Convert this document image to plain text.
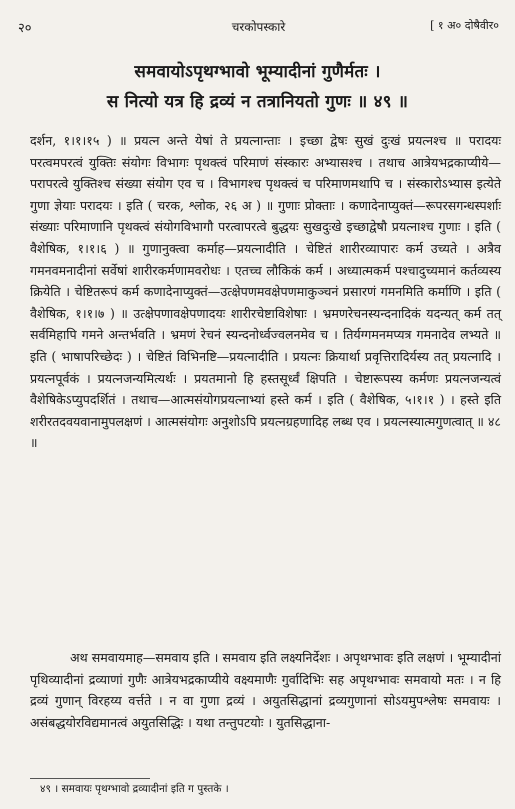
२०	चरकोपस्कारे	[ १ अ० दोषैवीर०
समवायोऽपृथग्भावो भूम्यादीनां गुणैर्मतः ।
स नित्यो यत्र हि द्रव्यं न तत्रानियतो गुणः ॥ ४९ ॥

दर्शन, १।१।१५ ) ॥ प्रयत्न अन्ते येषां ते प्रयत्नान्ताः । इच्छा द्वेषः सुखं दुःखं प्रयत्नश्च ॥ परादयः परत्वमपरत्वं युक्तिः संयोगः विभागः पृथक्त्वं परिमाणं संस्कारः अभ्यासश्च । तथाच आत्रेयभद्रकाप्यीये—परापरत्वे युक्तिश्च संख्या संयोग एव च । विभागश्च पृथक्त्वं च परिमाणमथापि च । संस्कारोऽभ्यास इत्येते गुणा ज्ञेयाः परादयः । इति ( चरक, श्लोक, २६ अ ) ॥ गुणाः प्रोक्ताः । कणादेनाप्युक्तं—रूपरसगन्धस्पर्शाः संख्याः परिमाणानि पृथक्त्वं संयोगविभागौ परत्वापरत्वे बुद्धयः सुखदुःखे इच्छाद्वेषौ प्रयत्नाश्च गुणाः । इति ( वैशेषिक, १।१।६ ) ॥ गुणानुक्त्वा कर्माह—प्रयत्नादीति । चेष्टितं शारीरव्यापारः कर्म उच्यते । अत्रैव गमनवमनादीनां सर्वेषां शारीरकर्मणामवरोधः । एतच्च लौकिकं कर्म । अध्यात्मकर्म पश्चादुच्यमानं कर्तव्यस्य क्रियेति । चेष्टितरूपं कर्म कणादेनाप्युक्तं—उत्क्षेपणमवक्षेपणमाकुञ्चनं प्रसारणं गमनमिति कर्माणि । इति ( वैशेषिक, १।१।७ ) ॥ उत्क्षेपणावक्षेपणादयः शारीरचेष्टाविशेषाः । भ्रमणरेचनस्यन्दनादिकं यदन्यत् कर्म तत् सर्वमिहापि गमने अन्तर्भवति । भ्रमणं रेचनं स्यन्दनोर्ध्वज्वलनमेव च । तिर्यग्गमनमप्यत्र गमनादेव लभ्यते ॥ इति ( भाषापरिच्छेदः ) । चेष्टितं विभिनष्टि—प्रयत्नादीति । प्रयत्नः क्रियार्था प्रवृत्तिरादिर्यस्य तत् प्रयत्नादि । प्रयत्नपूर्वकं । प्रयत्नजन्यमित्यर्थः । प्रयतमानो हि हस्तसूर्ध्वं क्षिपति । चेष्टारूपस्य कर्मणः प्रयत्नजन्यत्वं वैशेषिकेऽप्युपदर्शितं । तथाच—आत्मसंयोगप्रयत्नाभ्यां हस्ते कर्म । इति ( वैशेषिक, ५।१।१ ) । हस्ते इति शरीरतदवयवानामुपलक्षणं । आत्मसंयोगः अनुशोऽपि प्रयत्नग्रहणादिह लब्ध एव । प्रयत्नस्यात्मगुणत्वात् ॥ ४८ ॥

अथ समवायमाह—समवाय इति । समवाय इति लक्ष्यनिर्देशः । अपृथग्भावः इति लक्षणं । भूम्यादीनां पृथिव्यादीनां द्रव्याणां गुणैः आत्रेयभद्रकाप्यीये वक्ष्यमाणैः गुर्वादिभिः सह अपृथग्भावः समवायो मतः । न हि द्रव्यं गुणान् विरहय्य वर्त्तते । न वा गुणा द्रव्यं । अयुतसिद्धानां द्रव्यगुणानां सोऽयमुपश्लेषः समवायः । असंबद्धयोरविद्यमानत्वं अयुतसिद्धिः । यथा तन्तुपटयोः । युतसिद्धाना-

४९ । समवायः पृथग्भावो द्रव्यादीनां इति ग पुस्तके ।
